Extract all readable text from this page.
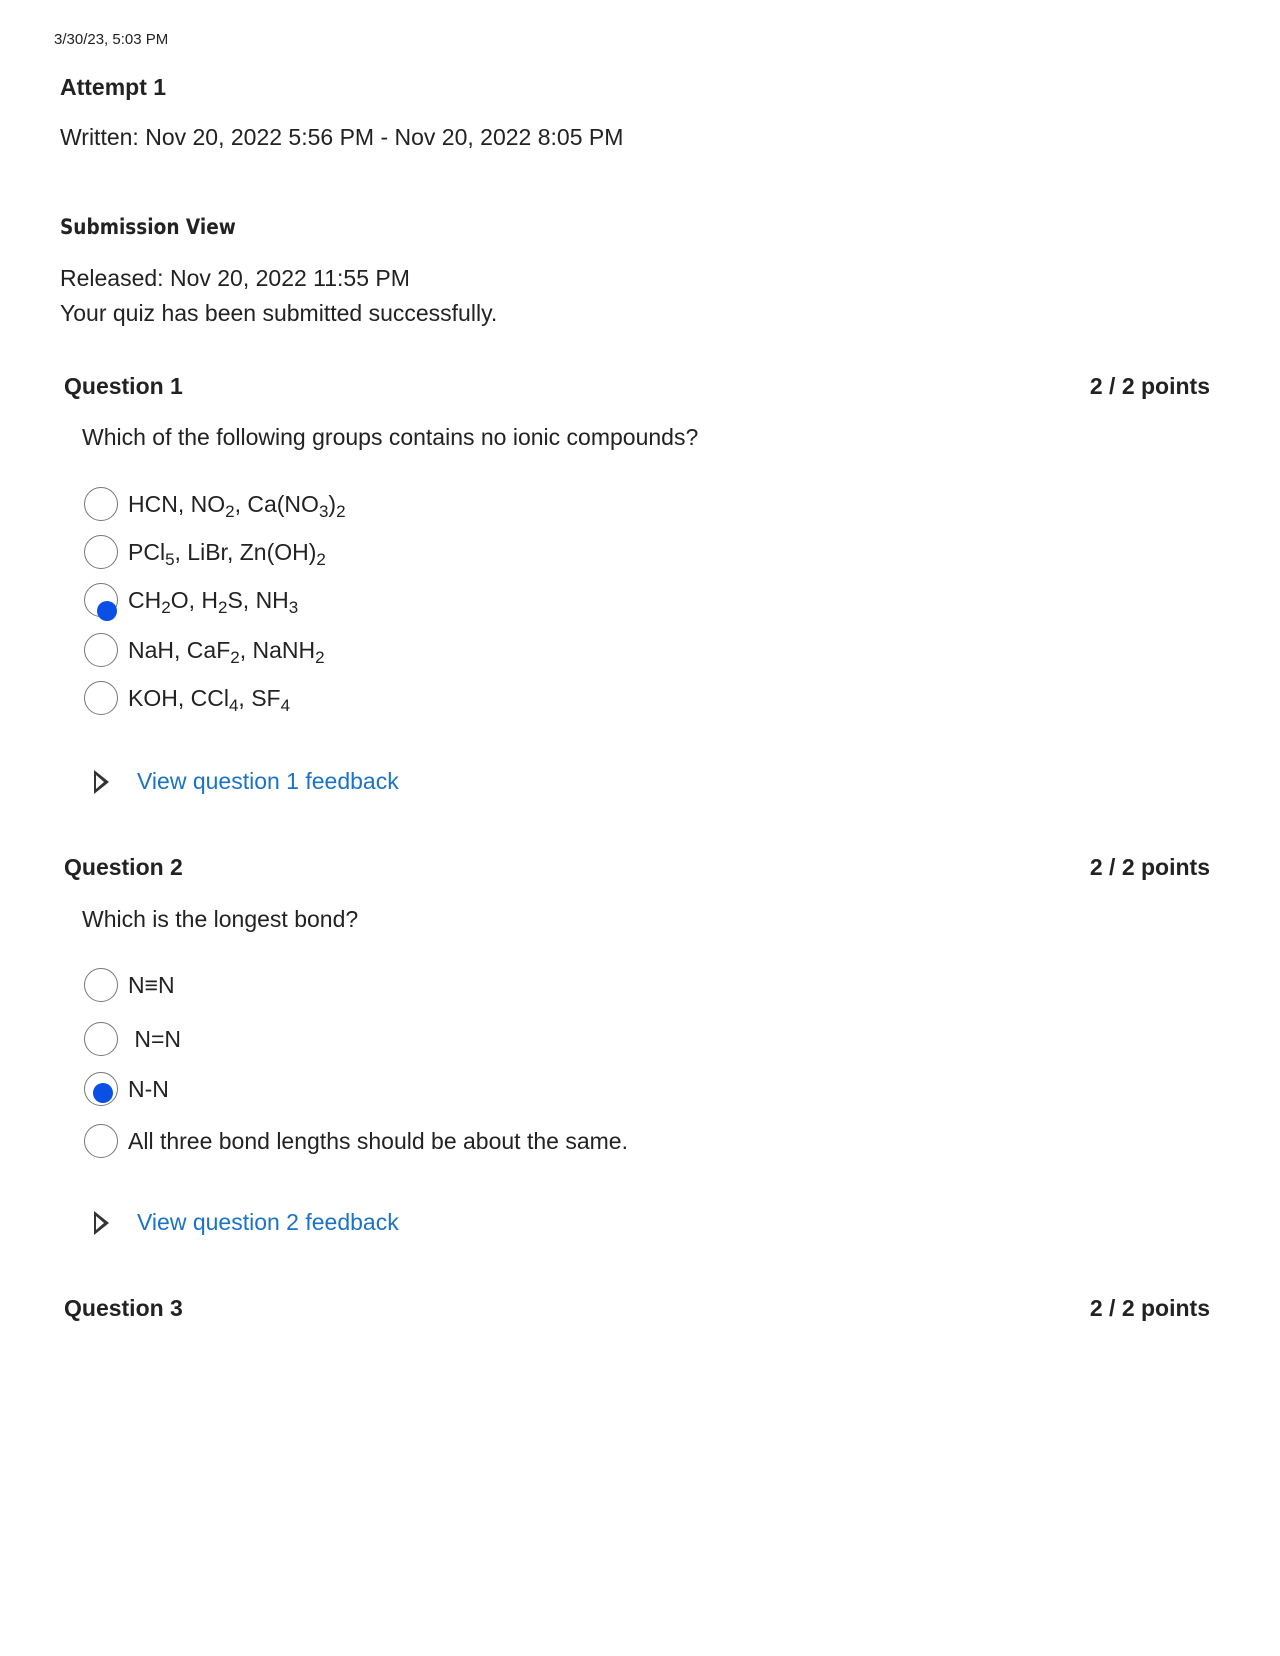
3/30/23, 5:03 PM
Attempt 1
Written: Nov 20, 2022 5:56 PM - Nov 20, 2022 8:05 PM
Submission View
Released: Nov 20, 2022 11:55 PM
Your quiz has been submitted successfully.
Question 1	2 / 2 points
Which of the following groups contains no ionic compounds?
HCN, $NO_2$, $Ca(NO_3)_2$
PCl$_5$, LiBr, $Zn(OH)_2$
$CH_2O$, $H_2S$, $NH_3$
NaH, CaF$_2$, NaNH$_2$
KOH, CCl$_4$, $SF_4$
View question 1 feedback
Question 2	2 / 2 points
Which is the longest bond?
N≡N
N=N
N-N
All three bond lengths should be about the same.
View question 2 feedback
Question 3	2 / 2 points
